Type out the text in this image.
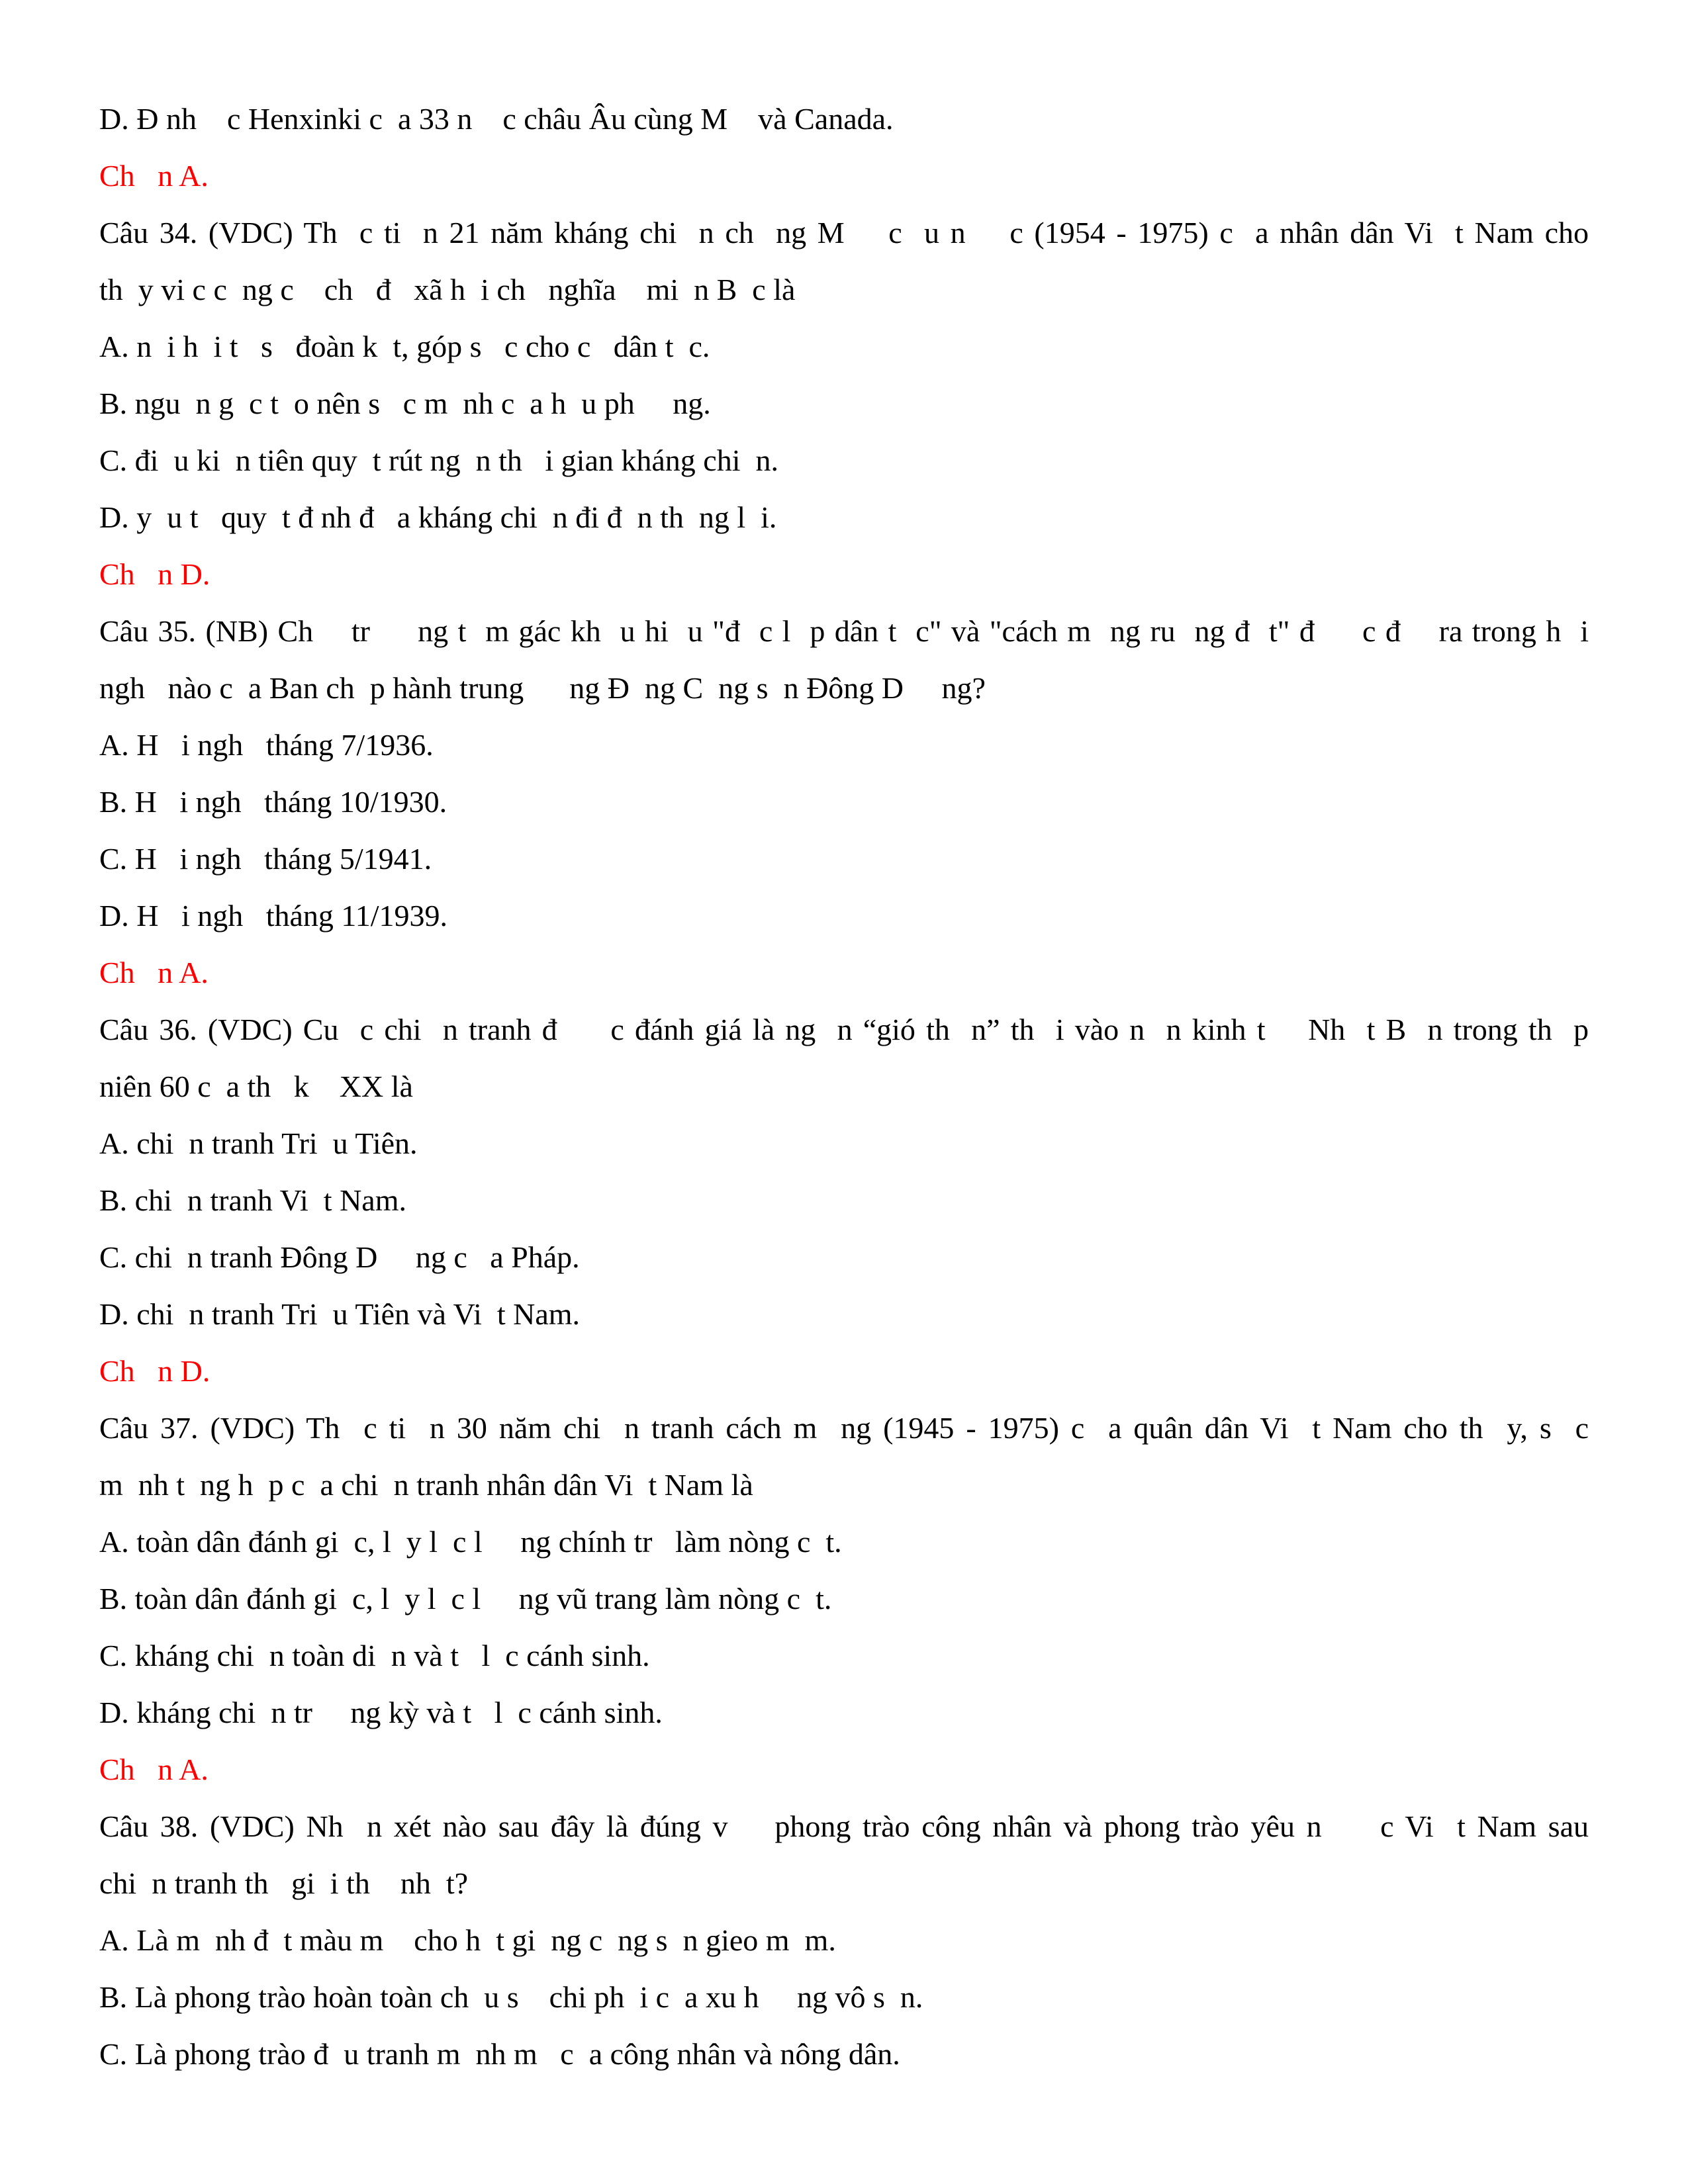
D. Đ nh    c Henxinki c  a 33 n    c châu Âu cùng M    và Canada.
Ch   n A.
Câu 34. (VDC) Th  c ti  n 21 năm kháng chi  n ch  ng M    c  u n    c (1954 - 1975) c  a nhân dân Vi  t Nam cho
th  y vi c c  ng c    ch   đ   xã h  i ch   nghĩa    mi  n B  c là
A. n  i h  i t   s   đoàn k  t, góp s   c cho c   dân t  c.
B. ngu  n g  c t  o nên s   c m  nh c  a h  u ph     ng.
C. đi  u ki  n tiên quy  t rút ng  n th   i gian kháng chi  n.
D. y  u t   quy  t đ nh đ   a kháng chi  n đi đ  n th  ng l  i.
Ch   n D.
Câu 35. (NB) Ch    tr     ng t  m gác kh  u hi  u "đ  c l  p dân t  c" và "cách m  ng ru  ng đ  t" đ     c đ    ra trong h  i
ngh   nào c  a Ban ch  p hành trung      ng Đ  ng C  ng s  n Đông D     ng?
A. H   i ngh   tháng 7/1936.
B. H   i ngh   tháng 10/1930.
C. H   i ngh   tháng 5/1941.
D. H   i ngh   tháng 11/1939.
Ch   n A.
Câu 36. (VDC) Cu  c chi  n tranh đ     c đánh giá là ng  n “gió th  n” th  i vào n  n kinh t    Nh  t B  n trong th  p
niên 60 c  a th   k    XX là
A. chi  n tranh Tri  u Tiên.
B. chi  n tranh Vi  t Nam.
C. chi  n tranh Đông D     ng c   a Pháp.
D. chi  n tranh Tri  u Tiên và Vi  t Nam.
Ch   n D.
Câu 37. (VDC) Th  c ti  n 30 năm chi  n tranh cách m  ng (1945 - 1975) c  a quân dân Vi  t Nam cho th  y, s  c
m  nh t  ng h  p c  a chi  n tranh nhân dân Vi  t Nam là
A. toàn dân đánh gi  c, l  y l  c l     ng chính tr   làm nòng c  t.
B. toàn dân đánh gi  c, l  y l  c l     ng vũ trang làm nòng c  t.
C. kháng chi  n toàn di  n và t   l  c cánh sinh.
D. kháng chi  n tr     ng kỳ và t   l  c cánh sinh.
Ch   n A.
Câu 38. (VDC) Nh  n xét nào sau đây là đúng v    phong trào công nhân và phong trào yêu n     c Vi  t Nam sau
chi  n tranh th   gi  i th    nh  t?
A. Là m  nh đ  t màu m    cho h  t gi  ng c  ng s  n gieo m  m.
B. Là phong trào hoàn toàn ch  u s    chi ph  i c  a xu h     ng vô s  n.
C. Là phong trào đ  u tranh m  nh m   c  a công nhân và nông dân.
